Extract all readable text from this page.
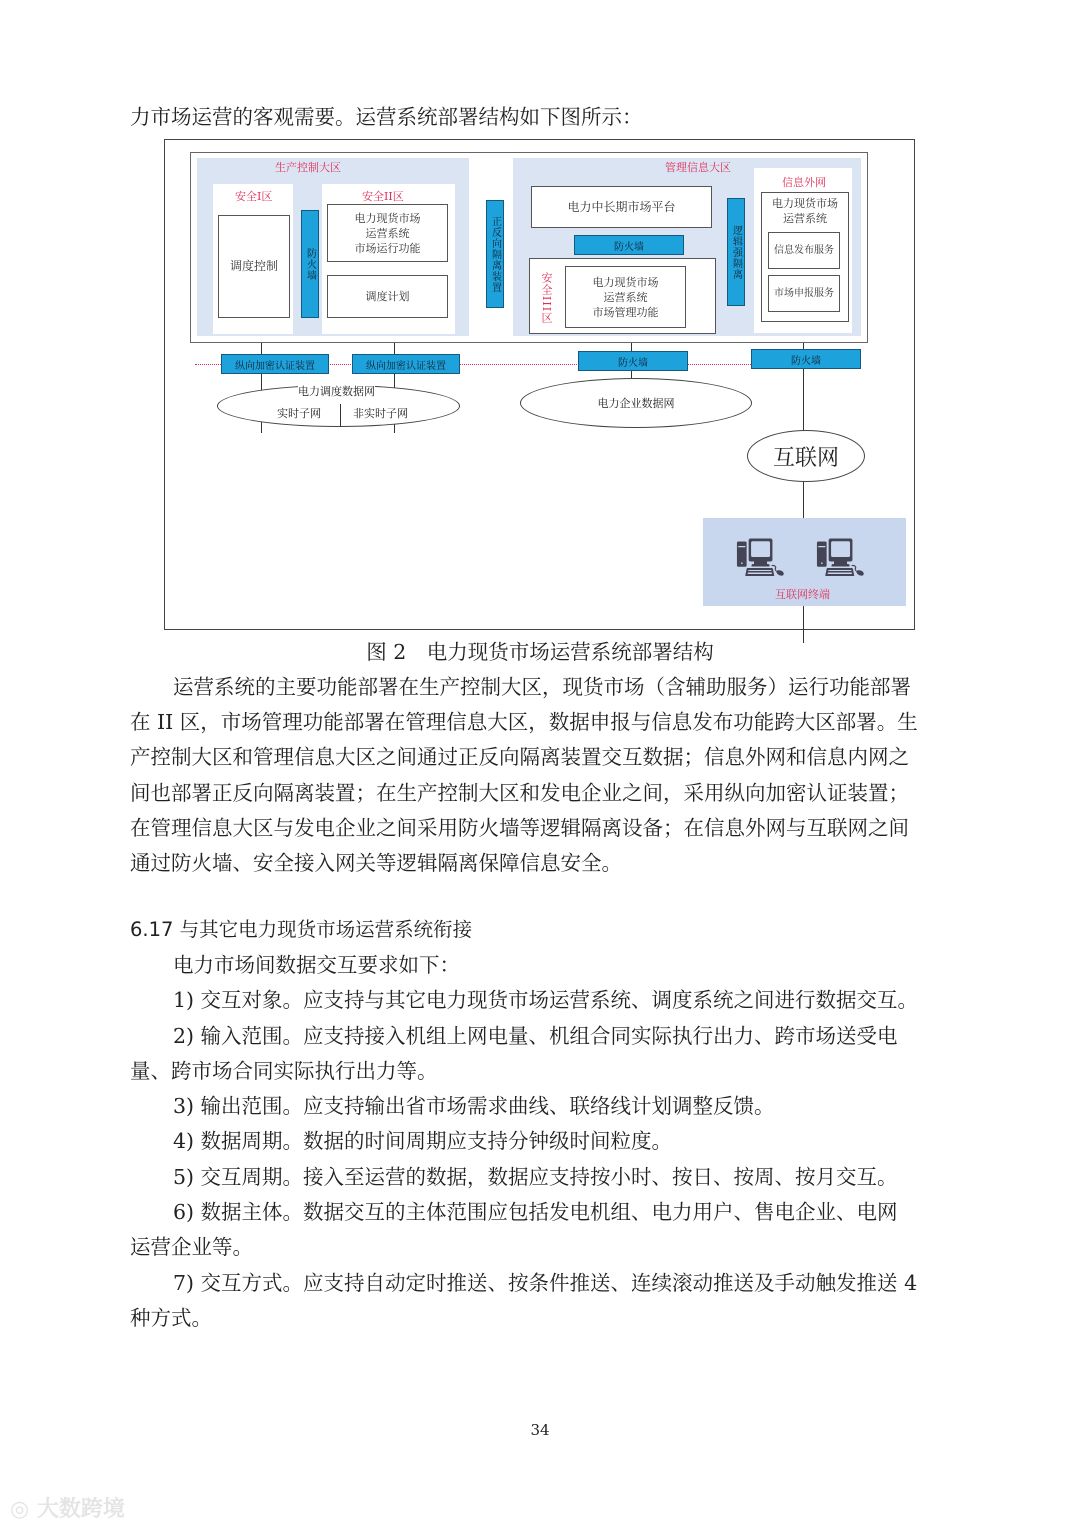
力市场运营的客观需要。运营系统部署结构如下图所示：
生产控制大区
安全I区
调度控制	防火墙
安全II区
电力现货市场
运营系统
市场运行功能
调度计划
正反向隔离装置
管理信息大区
电力中长期市场平台
防火墙
安全III区	电力现货市场
运营系统
市场管理功能
逻辑强隔离
信息外网
电力现货市场
运营系统
信息发布服务
市场申报服务
纵向加密认证装置	纵向加密认证装置	防火墙	防火墙
电力调度数据网
实时子网	非实时子网
电力企业数据网
互联网
🖳 🖳
互联网终端
图 2　电力现货市场运营系统部署结构
运营系统的主要功能部署在生产控制大区，现货市场（含辅助服务）运行功能部署
在 II 区，市场管理功能部署在管理信息大区，数据申报与信息发布功能跨大区部署。生
产控制大区和管理信息大区之间通过正反向隔离装置交互数据；信息外网和信息内网之
间也部署正反向隔离装置；在生产控制大区和发电企业之间，采用纵向加密认证装置；
在管理信息大区与发电企业之间采用防火墙等逻辑隔离设备；在信息外网与互联网之间
通过防火墙、安全接入网关等逻辑隔离保障信息安全。
6.17 与其它电力现货市场运营系统衔接
电力市场间数据交互要求如下：
1) 交互对象。应支持与其它电力现货市场运营系统、调度系统之间进行数据交互。
2) 输入范围。应支持接入机组上网电量、机组合同实际执行出力、跨市场送受电
量、跨市场合同实际执行出力等。
3) 输出范围。应支持输出省市场需求曲线、联络线计划调整反馈。
4) 数据周期。数据的时间周期应支持分钟级时间粒度。
5) 交互周期。接入至运营的数据，数据应支持按小时、按日、按周、按月交互。
6) 数据主体。数据交互的主体范围应包括发电机组、电力用户、售电企业、电网
运营企业等。
7) 交互方式。应支持自动定时推送、按条件推送、连续滚动推送及手动触发推送 4
种方式。
34
◎ 大数跨境
